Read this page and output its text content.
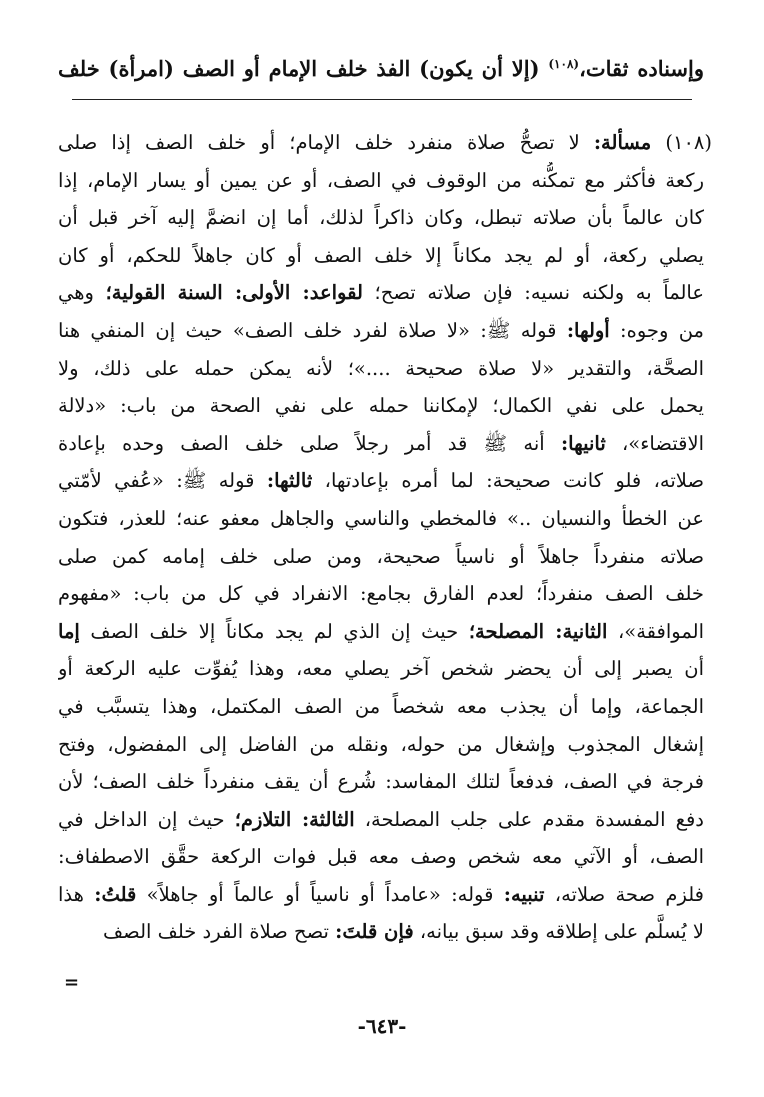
وإسناده ثقات،$^{(١٠٨)}$ (إلا أن يكون) الفذ خلف الإمام أو الصف (امرأة) خلف
(١٠٨) مسألة: لا تصحُّ صلاة منفرد خلف الإمام؛ أو خلف الصف إذا صلى
ركعة فأكثر مع تمكُّنه من الوقوف في الصف، أو عن يمين أو يسار الإمام، إذا
كان عالماً بأن صلاته تبطل، وكان ذاكراً لذلك، أما إن انضمَّ إليه آخر قبل أن
يصلي ركعة، أو لم يجد مكاناً إلا خلف الصف أو كان جاهلاً للحكم، أو كان
عالماً به ولكنه نسيه: فإن صلاته تصح؛ لقواعد: الأولى: السنة القولية؛ وهي
من وجوه: أولها: قوله ﷺ: «لا صلاة لفرد خلف الصف» حيث إن المنفي هنا
الصحَّة، والتقدير «لا صلاة صحيحة ....»؛ لأنه يمكن حمله على ذلك، ولا
يحمل على نفي الكمال؛ لإمكاننا حمله على نفي الصحة من باب: «دلالة
الاقتضاء»، ثانيها: أنه ﷺ قد أمر رجلاً صلى خلف الصف وحده بإعادة
صلاته، فلو كانت صحيحة: لما أمره بإعادتها، ثالثها: قوله ﷺ: «عُفي لأمّتي
عن الخطأ والنسيان ..» فالمخطي والناسي والجاهل معفو عنه؛ للعذر، فتكون
صلاته منفرداً جاهلاً أو ناسياً صحيحة، ومن صلى خلف إمامه كمن صلى
خلف الصف منفرداً؛ لعدم الفارق بجامع: الانفراد في كل من باب: «مفهوم
الموافقة»، الثانية: المصلحة؛ حيث إن الذي لم يجد مكاناً إلا خلف الصف إما
أن يصبر إلى أن يحضر شخص آخر يصلي معه، وهذا يُفوِّت عليه الركعة أو
الجماعة، وإما أن يجذب معه شخصاً من الصف المكتمل، وهذا يتسبَّب في
إشغال المجذوب وإشغال من حوله، ونقله من الفاضل إلى المفضول، وفتح
فرجة في الصف، فدفعاً لتلك المفاسد: شُرع أن يقف منفرداً خلف الصف؛ لأن
دفع المفسدة مقدم على جلب المصلحة، الثالثة: التلازم؛ حيث إن الداخل في
الصف، أو الآتي معه شخص وصف معه قبل فوات الركعة حقَّق الاصطفاف:
فلزم صحة صلاته، تنبيه: قوله: «عامداً أو ناسياً أو عالماً أو جاهلاً» قلتُ: هذا
لا يُسلَّم على إطلاقه وقد سبق بيانه، فإن قلتَ: تصح صلاة الفرد خلف الصف
=
-٦٤٣-
